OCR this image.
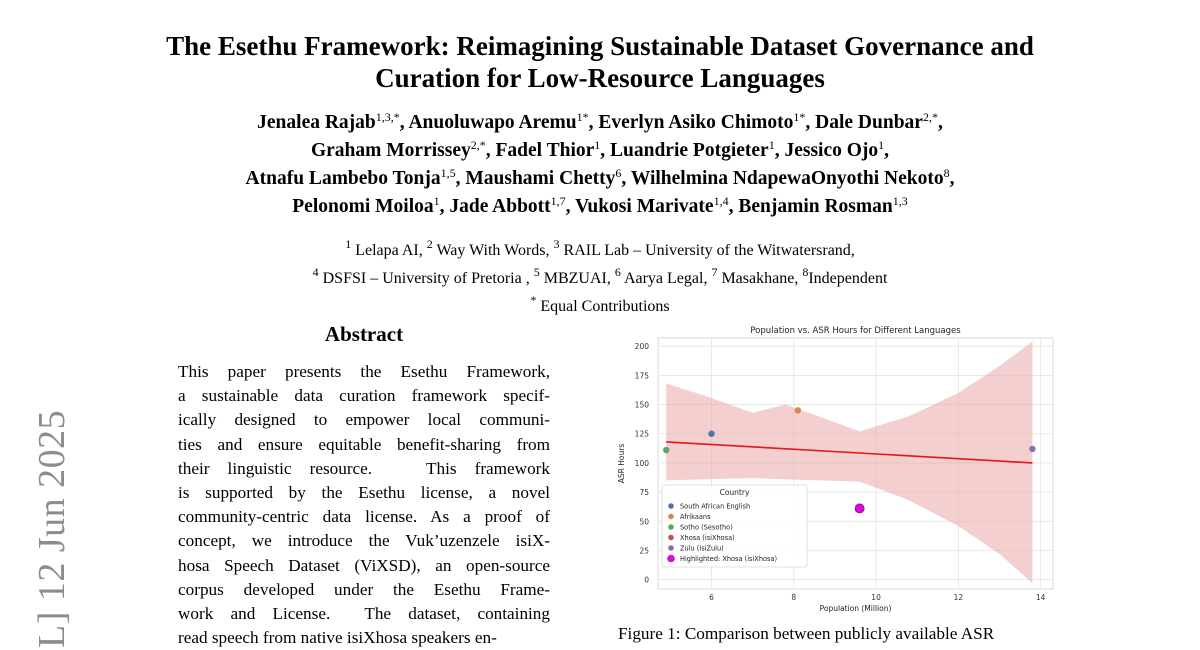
L] 12 Jun 2025
The Esethu Framework: Reimagining Sustainable Dataset Governance and
Curation for Low-Resource Languages
Jenalea Rajab$^{1,3,*}$, Anuoluwapo Aremu$^{1*}$, Everlyn Asiko Chimoto$^{1*}$, Dale Dunbar$^{2,*}$,
Graham Morrissey$^{2,*}$, Fadel Thior$^1$, Luandrie Potgieter$^1$, Jessico Ojo$^1$,
Atnafu Lambebo Tonja$^{1,5}$, Maushami Chetty$^6$, Wilhelmina NdapewaOnyothi Nekoto$^8$,
Pelonomi Moiloa$^1$, Jade Abbott$^{1,7}$, Vukosi Marivate$^{1,4}$, Benjamin Rosman$^{1,3}$
$^1$ Lelapa AI, $^2$ Way With Words, $^3$ RAIL Lab – University of the Witwatersrand,
$^4$ DSFSI – University of Pretoria , $^5$ MBZUAI, $^6$ Aarya Legal, $^7$ Masakhane, $^8$Independent
* Equal Contributions
Abstract
This paper presents the Esethu Framework,
a sustainable data curation framework specif-
ically designed to empower local communi-
ties and ensure equitable benefit-sharing from
their linguistic resource.   This framework
is supported by the Esethu license, a novel
community-centric data license. As a proof of
concept, we introduce the Vuk’uzenzele isiX-
hosa Speech Dataset (ViXSD), an open-source
corpus developed under the Esethu Frame-
work and License.  The dataset, containing
read speech from native isiXhosa speakers en-
Population vs. ASR Hours for Different Languages
0
25
50
75
100
125
150
175
200
6	8	10	12	14
Population (Million)
ASR Hours
Country
South African English
Afrikaans
Sotho (Sesotho)
Xhosa (isiXhosa)
Zulu (isiZulu)
Highlighted: Xhosa (isiXhosa)
Figure 1: Comparison between publicly available ASR
